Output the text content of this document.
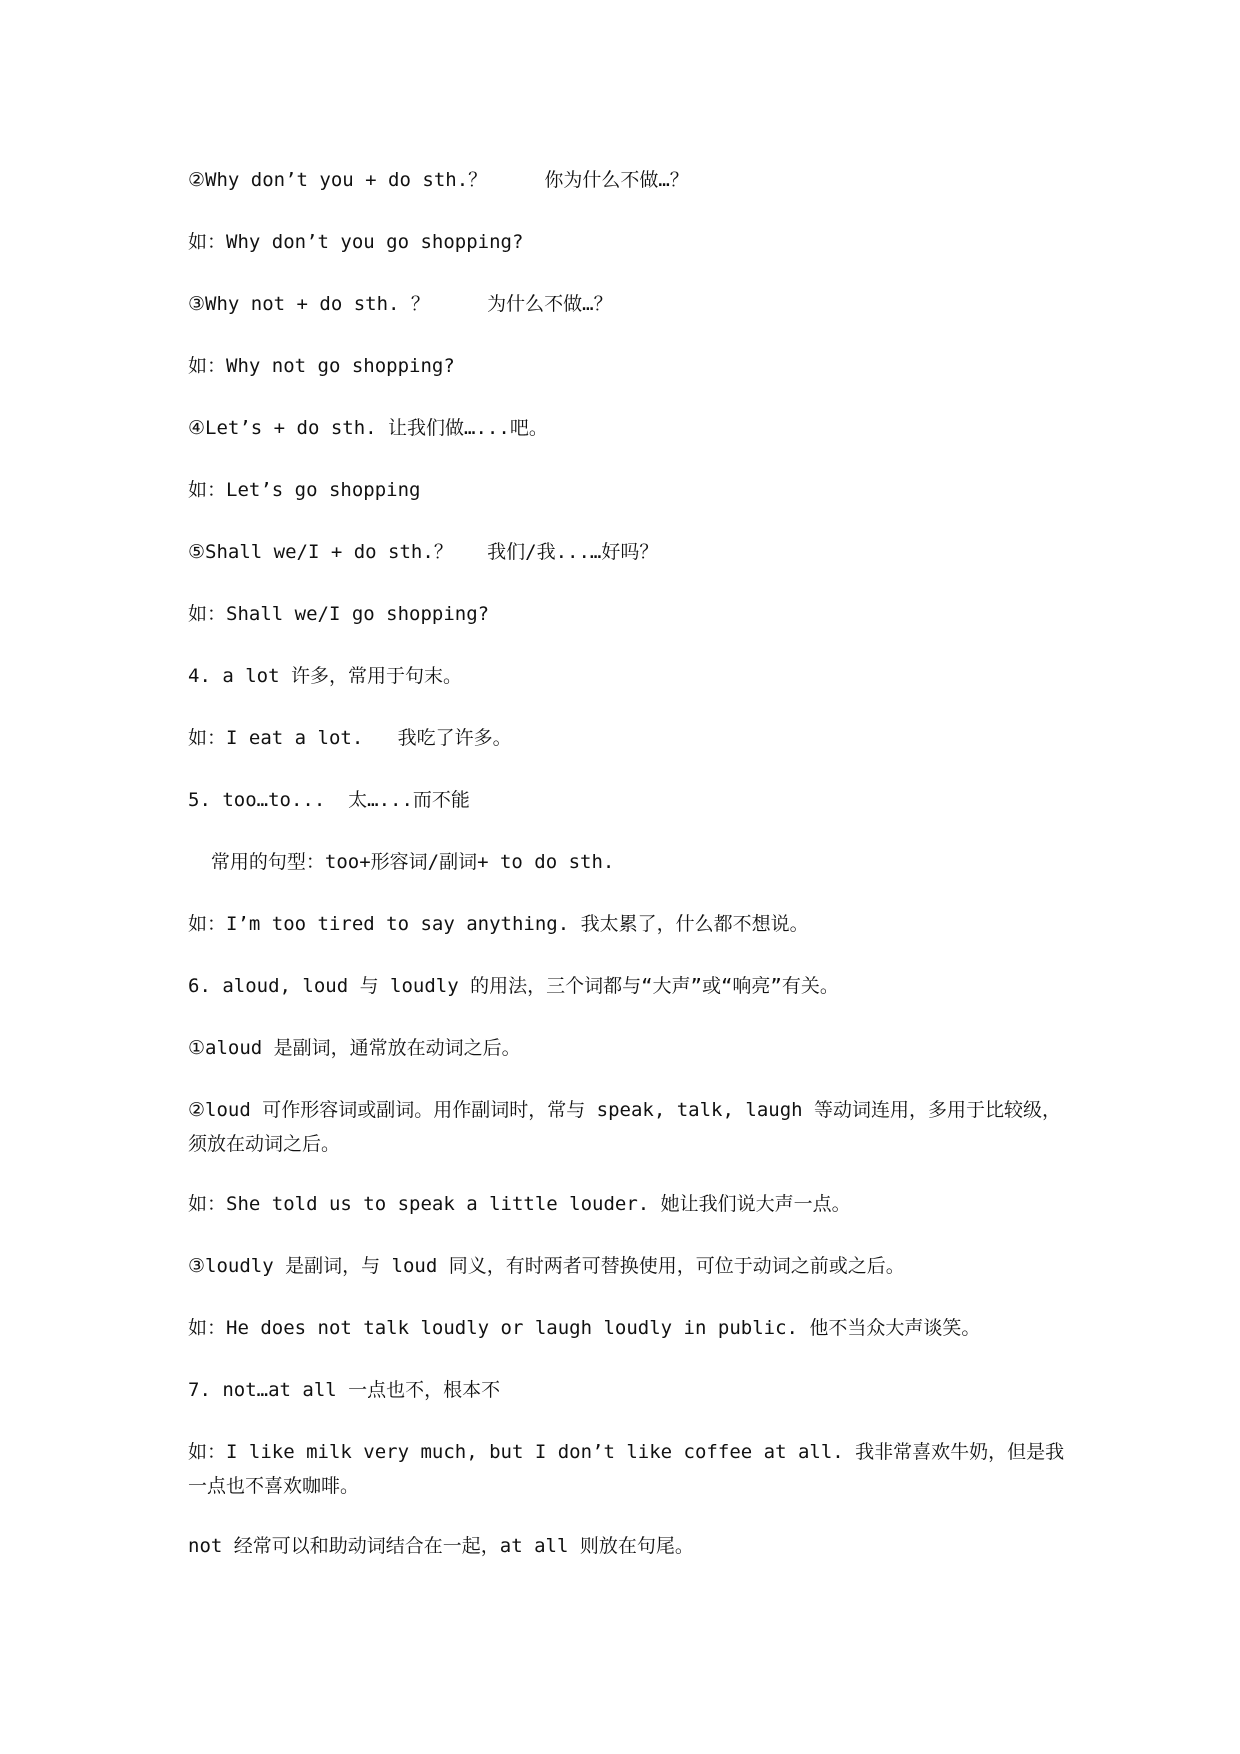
②Why don’t you + do sth.？     你为什么不做…？
如：Why don’t you go shopping?
③Why not + do sth. ？     为什么不做…？
如：Why not go shopping?
④Let’s + do sth. 让我们做…...吧。
如：Let’s go shopping
⑤Shall we/I + do sth.？   我们/我...…好吗？
如：Shall we/I go shopping?
4. a lot 许多，常用于句末。
如：I eat a lot.   我吃了许多。
5. too…to...  太…...而不能
常用的句型：too+形容词/副词+ to do sth.
如：I’m too tired to say anything. 我太累了，什么都不想说。
6. aloud, loud 与 loudly 的用法，三个词都与“大声”或“响亮”有关。
①aloud 是副词，通常放在动词之后。
②loud 可作形容词或副词。用作副词时，常与 speak, talk, laugh 等动词连用，多用于比较级，须放在动词之后。
如：She told us to speak a little louder. 她让我们说大声一点。
③loudly 是副词，与 loud 同义，有时两者可替换使用，可位于动词之前或之后。
如：He does not talk loudly or laugh loudly in public. 他不当众大声谈笑。
7. not…at all 一点也不，根本不
如：I like milk very much, but I don’t like coffee at all. 我非常喜欢牛奶，但是我一点也不喜欢咖啡。
not 经常可以和助动词结合在一起，at all 则放在句尾。
